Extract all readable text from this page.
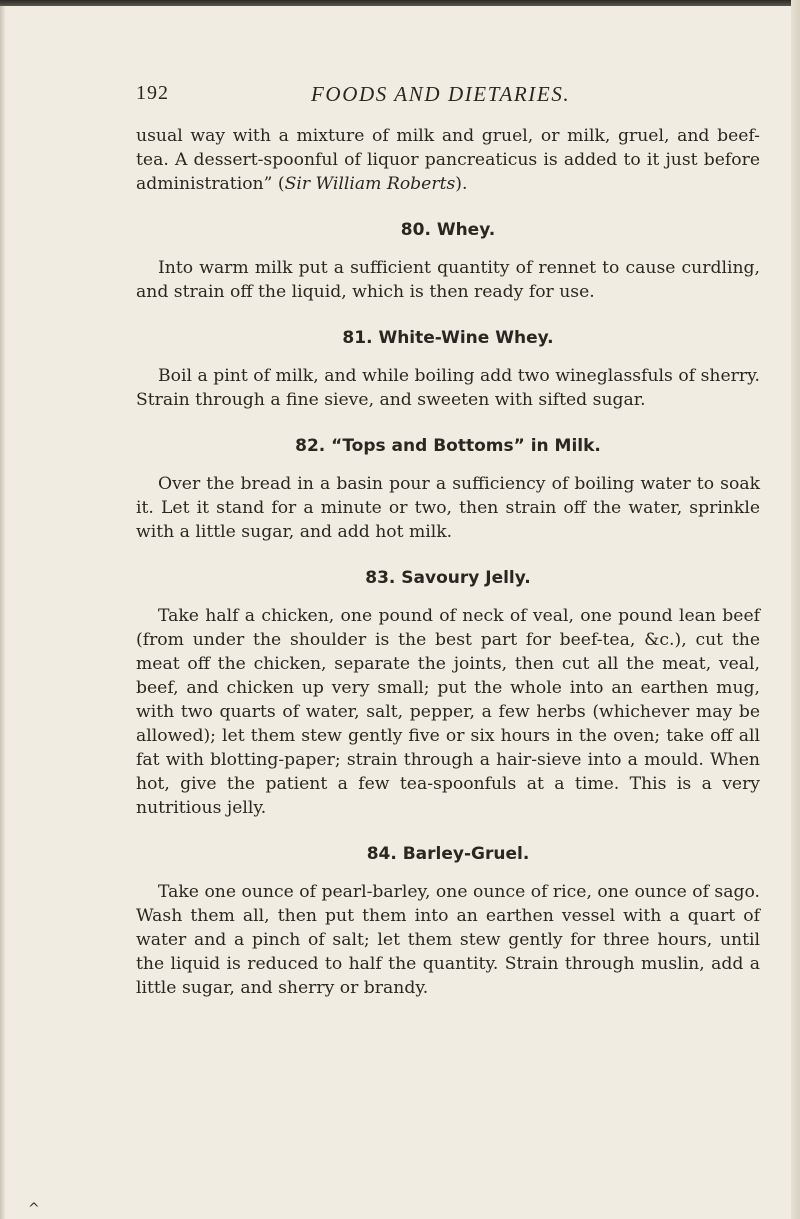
192	FOODS AND DIETARIES.

usual way with a mixture of milk and gruel, or milk, gruel, and beef-tea. A dessert-spoonful of liquor pancreaticus is added to it just before administration” (Sir William Roberts).

80. Whey.

Into warm milk put a sufficient quantity of rennet to cause curdling, and strain off the liquid, which is then ready for use.

81. White-Wine Whey.

Boil a pint of milk, and while boiling add two wineglassfuls of sherry. Strain through a fine sieve, and sweeten with sifted sugar.

82. “Tops and Bottoms” in Milk.

Over the bread in a basin pour a sufficiency of boiling water to soak it. Let it stand for a minute or two, then strain off the water, sprinkle with a little sugar, and add hot milk.

83. Savoury Jelly.

Take half a chicken, one pound of neck of veal, one pound lean beef (from under the shoulder is the best part for beef-tea, &c.), cut the meat off the chicken, separate the joints, then cut all the meat, veal, beef, and chicken up very small; put the whole into an earthen mug, with two quarts of water, salt, pepper, a few herbs (whichever may be allowed); let them stew gently five or six hours in the oven; take off all fat with blotting-paper; strain through a hair-sieve into a mould. When hot, give the patient a few tea-spoonfuls at a time. This is a very nutritious jelly.

84. Barley-Gruel.

Take one ounce of pearl-barley, one ounce of rice, one ounce of sago. Wash them all, then put them into an earthen vessel with a quart of water and a pinch of salt; let them stew gently for three hours, until the liquid is reduced to half the quantity. Strain through muslin, add a little sugar, and sherry or brandy.

^
